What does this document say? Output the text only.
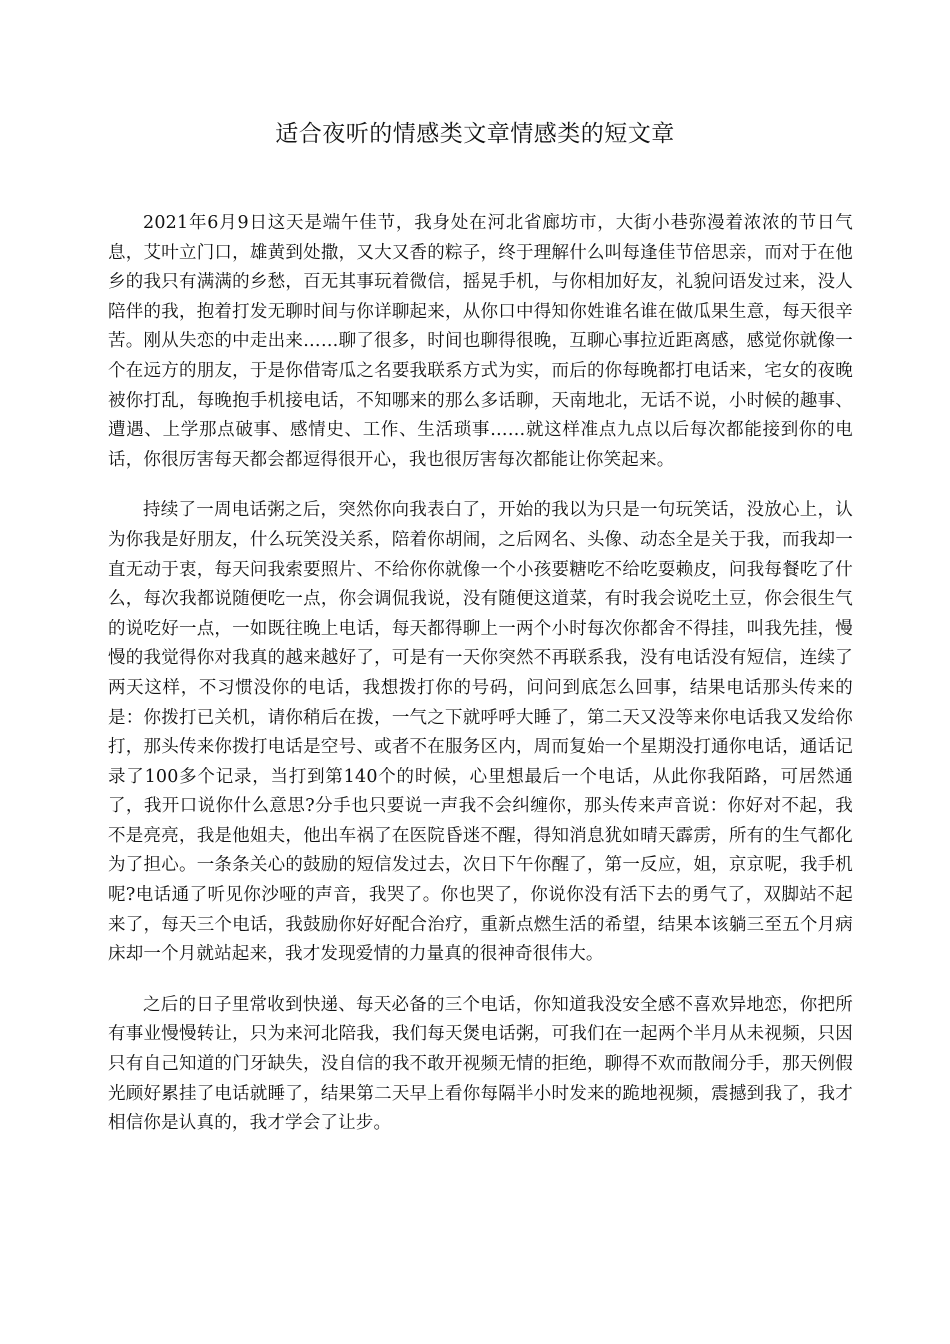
适合夜听的情感类文章情感类的短文章

2021年6月9日这天是端午佳节，我身处在河北省廊坊市，大街小巷弥漫着浓浓的节日气息，艾叶立门口，雄黄到处撒，又大又香的粽子，终于理解什么叫每逢佳节倍思亲，而对于在他乡的我只有满满的乡愁，百无其事玩着微信，摇晃手机，与你相加好友，礼貌问语发过来，没人陪伴的我，抱着打发无聊时间与你详聊起来，从你口中得知你姓谁名谁在做瓜果生意，每天很辛苦。刚从失恋的中走出来……聊了很多，时间也聊得很晚，互聊心事拉近距离感，感觉你就像一个在远方的朋友，于是你借寄瓜之名要我联系方式为实，而后的你每晚都打电话来，宅女的夜晚被你打乱，每晚抱手机接电话，不知哪来的那么多话聊，天南地北，无话不说，小时候的趣事、遭遇、上学那点破事、感情史、工作、生活琐事……就这样准点九点以后每次都能接到你的电话，你很厉害每天都会都逗得很开心，我也很厉害每次都能让你笑起来。

持续了一周电话粥之后，突然你向我表白了，开始的我以为只是一句玩笑话，没放心上，认为你我是好朋友，什么玩笑没关系，陪着你胡闹，之后网名、头像、动态全是关于我，而我却一直无动于衷，每天问我索要照片、不给你你就像一个小孩要糖吃不给吃耍赖皮，问我每餐吃了什么，每次我都说随便吃一点，你会调侃我说，没有随便这道菜，有时我会说吃土豆，你会很生气的说吃好一点，一如既往晚上电话，每天都得聊上一两个小时每次你都舍不得挂，叫我先挂，慢慢的我觉得你对我真的越来越好了，可是有一天你突然不再联系我，没有电话没有短信，连续了两天这样，不习惯没你的电话，我想拨打你的号码，问问到底怎么回事，结果电话那头传来的是：你拨打已关机，请你稍后在拨，一气之下就呼呼大睡了，第二天又没等来你电话我又发给你打，那头传来你拨打电话是空号、或者不在服务区内，周而复始一个星期没打通你电话，通话记录了100多个记录，当打到第140个的时候，心里想最后一个电话，从此你我陌路，可居然通了，我开口说你什么意思?分手也只要说一声我不会纠缠你，那头传来声音说：你好对不起，我不是亮亮，我是他姐夫，他出车祸了在医院昏迷不醒，得知消息犹如晴天霹雳，所有的生气都化为了担心。一条条关心的鼓励的短信发过去，次日下午你醒了，第一反应，姐，京京呢，我手机呢?电话通了听见你沙哑的声音，我哭了。你也哭了，你说你没有活下去的勇气了，双脚站不起来了，每天三个电话，我鼓励你好好配合治疗，重新点燃生活的希望，结果本该躺三至五个月病床却一个月就站起来，我才发现爱情的力量真的很神奇很伟大。

之后的日子里常收到快递、每天必备的三个电话，你知道我没安全感不喜欢异地恋，你把所有事业慢慢转让，只为来河北陪我，我们每天煲电话粥，可我们在一起两个半月从未视频，只因只有自己知道的门牙缺失，没自信的我不敢开视频无情的拒绝，聊得不欢而散闹分手，那天例假光顾好累挂了电话就睡了，结果第二天早上看你每隔半小时发来的跪地视频，震撼到我了，我才相信你是认真的，我才学会了让步。
